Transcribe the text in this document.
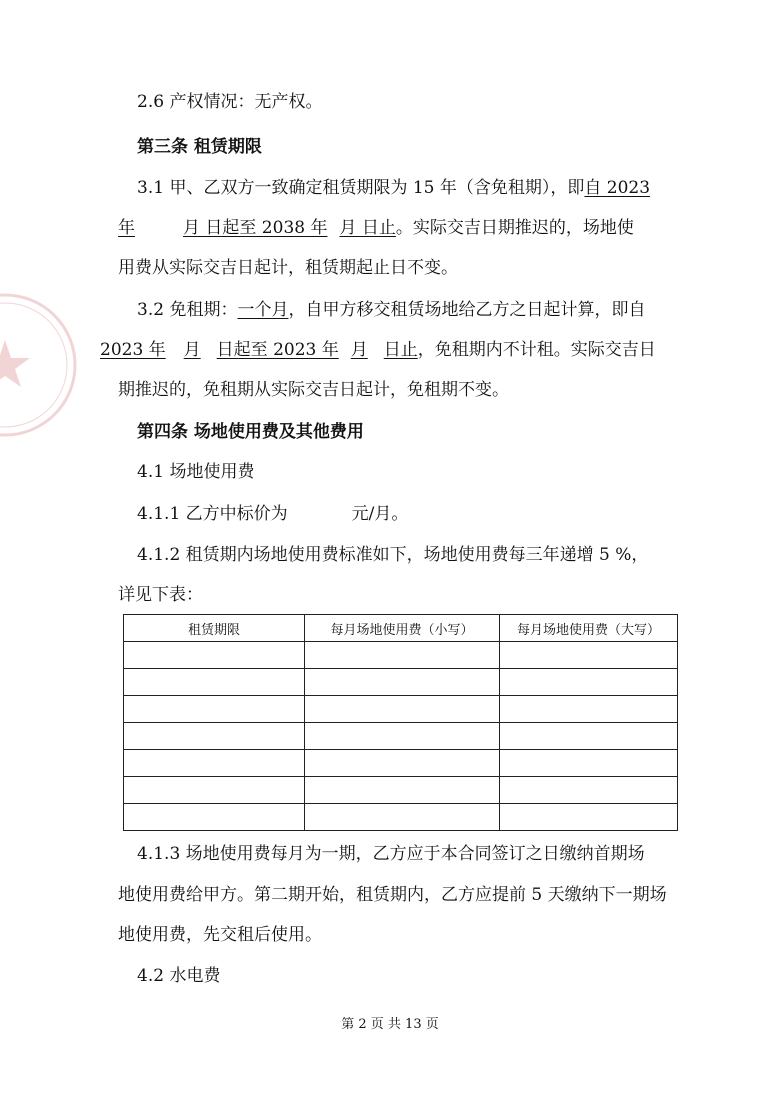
2.6 产权情况：无产权。
第三条 租赁期限
3.1 甲、乙双方一致确定租赁期限为 15 年（含免租期），即自 2023
年	月 日起至 2038 年 月 日止。实际交吉日期推迟的，场地使
用费从实际交吉日起计，租赁期起止日不变。
3.2 免租期：一个月，自甲方移交租赁场地给乙方之日起计算，即自
2023 年 月 日起至 2023 年 月 日止，免租期内不计租。实际交吉日
期推迟的，免租期从实际交吉日起计，免租期不变。
第四条 场地使用费及其他费用
4.1 场地使用费
4.1.1 乙方中标价为	元/月。
4.1.2 租赁期内场地使用费标准如下，场地使用费每三年递增 5 %，
详见下表：
租赁期限	每月场地使用费（小写）	每月场地使用费（大写）

4.1.3 场地使用费每月为一期，乙方应于本合同签订之日缴纳首期场
地使用费给甲方。第二期开始，租赁期内，乙方应提前 5 天缴纳下一期场
地使用费，先交租后使用。
4.2 水电费
第 2 页 共 13 页
